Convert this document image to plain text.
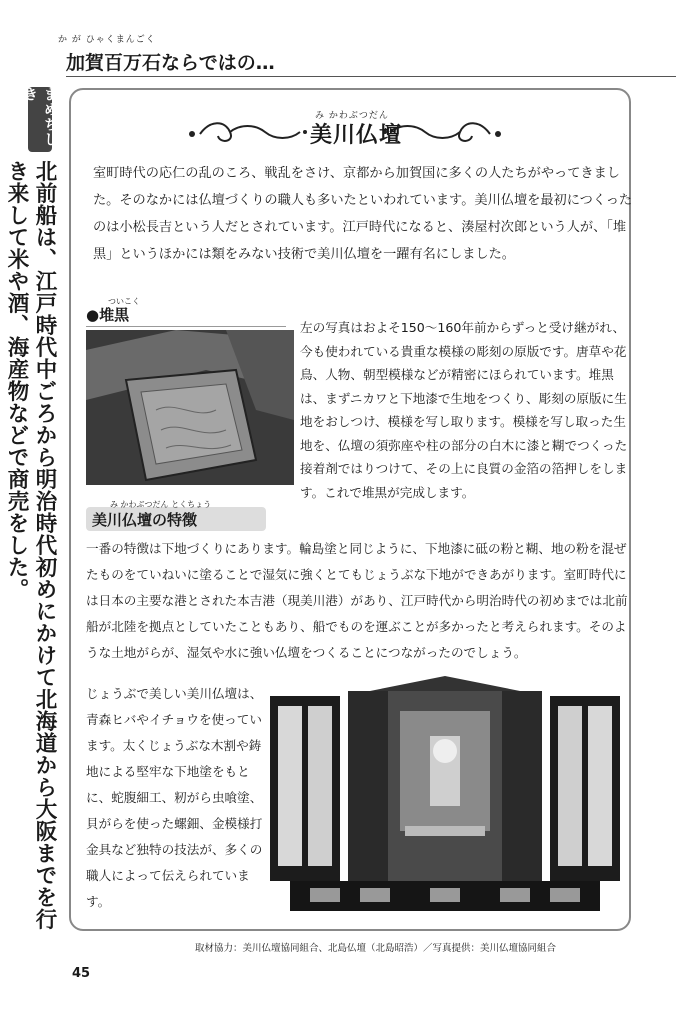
か が ひゃくまんごく
加賀百万石ならではの…
まめちしき
北前船は、江戸時代中ごろから明治時代初めにかけて北海道から大阪までを行き来して米や酒、海産物などで商売をした。
み かわぶつだん
美川仏壇
室町時代の応仁の乱のころ、戦乱をさけ、京都から加賀国に多くの人たちがやってきました。そのなかには仏壇づくりの職人も多いたといわれています。美川仏壇を最初につくったのは小松長吉という人だとされています。江戸時代になると、湊屋村次郎という人が、「堆黒」というほかには類をみない技術で美川仏壇を一躍有名にしました。
ついこく
●堆黒
左の写真はおよそ150〜160年前からずっと受け継がれ、今も使われている貴重な模様の彫刻の原版です。唐草や花鳥、人物、朝型模様などが精密にほられています。堆黒は、まずニカワと下地漆で生地をつくり、彫刻の原版に生地をおしつけ、模様を写し取ります。模様を写し取った生地を、仏壇の須弥座や柱の部分の白木に漆と糊でつくった接着剤ではりつけて、その上に良質の金箔の箔押しをします。これで堆黒が完成します。
み かわぶつだん とくちょう
美川仏壇の特徴
一番の特徴は下地づくりにあります。輪島塗と同じように、下地漆に砥の粉と糊、地の粉を混ぜたものをていねいに塗ることで湿気に強くとてもじょうぶな下地ができあがります。室町時代には日本の主要な港とされた本吉港（現美川港）があり、江戸時代から明治時代の初めまでは北前船が北陸を拠点としていたこともあり、船でものを運ぶことが多かったと考えられます。そのような土地がらが、湿気や水に強い仏壇をつくることにつながったのでしょう。
じょうぶで美しい美川仏壇は、青森ヒバやイチョウを使っています。太くじょうぶな木割や鋳地による堅牢な下地塗をもとに、蛇腹細工、籾がら虫喰塗、貝がらを使った螺鈿、金模様打金具など独特の技法が、多くの職人によって伝えられています。
取材協力：美川仏壇協同組合、北島仏壇（北島昭浩）／写真提供：美川仏壇協同組合
45
